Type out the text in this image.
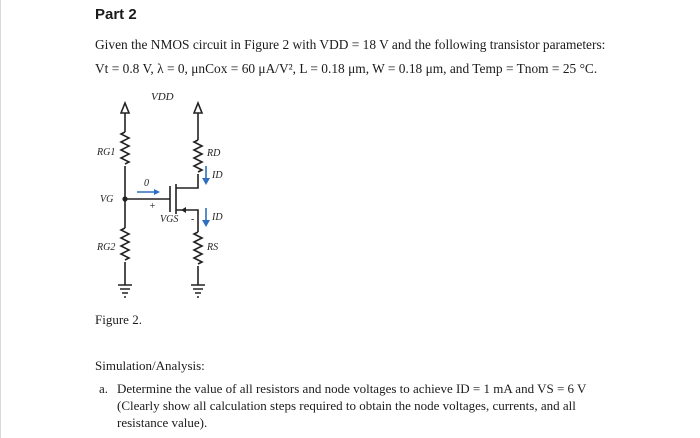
Part 2
Given the NMOS circuit in Figure 2 with VDD = 18 V and the following transistor parameters:
Vt = 0.8 V, λ = 0, μnCox = 60 μA/V², L = 0.18 μm, W = 0.18 μm, and Temp = Tnom = 25 °C.
VDD
RG1	RD
ID
VG
0
+
VGS - ID
RG2	RS
Figure 2.
Simulation/Analysis:
a. Determine the value of all resistors and node voltages to achieve ID = 1 mA and VS = 6 V (Clearly show all calculation steps required to obtain the node voltages, currents, and all resistance value).
